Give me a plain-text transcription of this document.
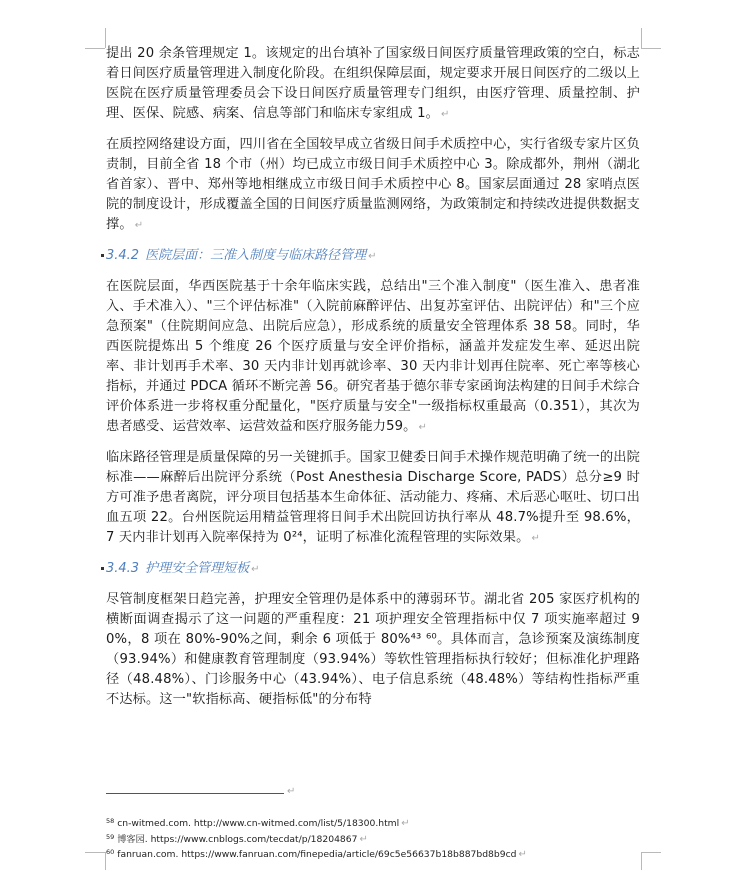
提出 20 余条管理规定 1。该规定的出台填补了国家级日间医疗质量管理政策的空白，标志着日间医疗质量管理进入制度化阶段。在组织保障层面，规定要求开展日间医疗的二级以上医院在医疗质量管理委员会下设日间医疗质量管理专门组织，由医疗管理、质量控制、护理、医保、院感、病案、信息等部门和临床专家组成 1。 ↵

在质控网络建设方面，四川省在全国较早成立省级日间手术质控中心，实行省级专家片区负责制，目前全省 18 个市（州）均已成立市级日间手术质控中心 3。除成都外，荆州（湖北省首家）、晋中、郑州等地相继成立市级日间手术质控中心 8。国家层面通过 28 家哨点医院的制度设计，形成覆盖全国的日间医疗质量监测网络，为政策制定和持续改进提供数据支撑。 ↵

3.4.2 医院层面：三准入制度与临床路径管理 ↵

在医院层面，华西医院基于十余年临床实践，总结出"三个准入制度"（医生准入、患者准入、手术准入）、"三个评估标准"（入院前麻醉评估、出复苏室评估、出院评估）和"三个应急预案"（住院期间应急、出院后应急），形成系统的质量安全管理体系 38 58。同时，华西医院提炼出 5 个维度 26 个医疗质量与安全评价指标，涵盖并发症发生率、延迟出院率、非计划再手术率、30 天内非计划再就诊率、30 天内非计划再住院率、死亡率等核心指标，并通过 PDCA 循环不断完善 56。研究者基于德尔菲专家函询法构建的日间手术综合评价体系进一步将权重分配量化，"医疗质量与安全"一级指标权重最高（0.351），其次为患者感受、运营效率、运营效益和医疗服务能力59。 ↵

临床路径管理是质量保障的另一关键抓手。国家卫健委日间手术操作规范明确了统一的出院标准——麻醉后出院评分系统（Post Anesthesia Discharge Score, PADS）总分≥9 时方可准予患者离院，评分项目包括基本生命体征、活动能力、疼痛、术后恶心呕吐、切口出血五项 22。台州医院运用精益管理将日间手术出院回访执行率从 48.7%提升至 98.6%，7 天内非计划再入院率保持为 0²⁴，证明了标准化流程管理的实际效果。 ↵

3.4.3 护理安全管理短板 ↵

尽管制度框架日趋完善，护理安全管理仍是体系中的薄弱环节。湖北省 205 家医疗机构的横断面调查揭示了这一问题的严重程度：21 项护理安全管理指标中仅 7 项实施率超过 90%，8 项在 80%-90%之间，剩余 6 项低于 80%⁴³ ⁶⁰。具体而言，急诊预案及演练制度（93.94%）和健康教育管理制度（93.94%）等软性管理指标执行较好；但标准化护理路径（48.48%）、门诊服务中心（43.94%）、电子信息系统（48.48%）等结构性指标严重不达标。这一"软指标高、硬指标低"的分布特

↵
$^{58}$ cn-witmed.com. http://www.cn-witmed.com/list/5/18300.html ↵
$^{59}$ 博客园. https://www.cnblogs.com/tecdat/p/18204867 ↵
$^{60}$ fanruan.com. https://www.fanruan.com/finepedia/article/69c5e56637b18b887bd8b9cd ↵
